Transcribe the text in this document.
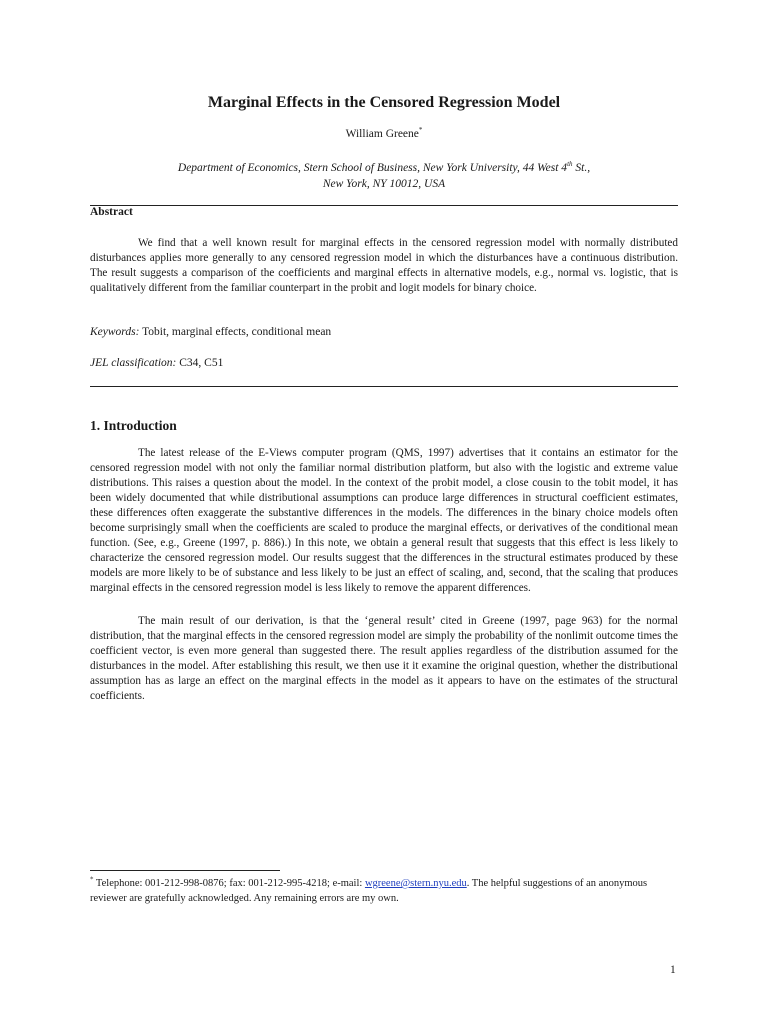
Marginal Effects in the Censored Regression Model
William Greene*
Department of Economics, Stern School of Business, New York University, 44 West 4th St.,
New York, NY 10012, USA
Abstract

We find that a well known result for marginal effects in the censored regression model with normally distributed disturbances applies more generally to any censored regression model in which the disturbances have a continuous distribution. The result suggests a comparison of the coefficients and marginal effects in alternative models, e.g., normal vs. logistic, that is qualitatively different from the familiar counterpart in the probit and logit models for binary choice.

Keywords: Tobit, marginal effects, conditional mean
JEL classification: C34, C51
1. Introduction

The latest release of the E-Views computer program (QMS, 1997) advertises that it contains an estimator for the censored regression model with not only the familiar normal distribution platform, but also with the logistic and extreme value distributions. This raises a question about the model. In the context of the probit model, a close cousin to the tobit model, it has been widely documented that while distributional assumptions can produce large differences in structural coefficient estimates, these differences often exaggerate the substantive differences in the models. The differences in the binary choice models often become surprisingly small when the coefficients are scaled to produce the marginal effects, or derivatives of the conditional mean function. (See, e.g., Greene (1997, p. 886).) In this note, we obtain a general result that suggests that this effect is less likely to characterize the censored regression model. Our results suggest that the differences in the structural estimates produced by these models are more likely to be of substance and less likely to be just an effect of scaling, and, second, that the scaling that produces marginal effects in the censored regression model is less likely to remove the apparent differences.

The main result of our derivation, is that the ‘general result’ cited in Greene (1997, page 963) for the normal distribution, that the marginal effects in the censored regression model are simply the probability of the nonlimit outcome times the coefficient vector, is even more general than suggested there. The result applies regardless of the distribution assumed for the disturbances in the model. After establishing this result, we then use it it examine the original question, whether the distributional assumption has as large an effect on the marginal effects in the model as it appears to have on the estimates of the structural coefficients.

* Telephone: 001-212-998-0876; fax: 001-212-995-4218; e-mail: wgreene@stern.nyu.edu. The helpful suggestions of an anonymous reviewer are gratefully acknowledged. Any remaining errors are my own.
1
